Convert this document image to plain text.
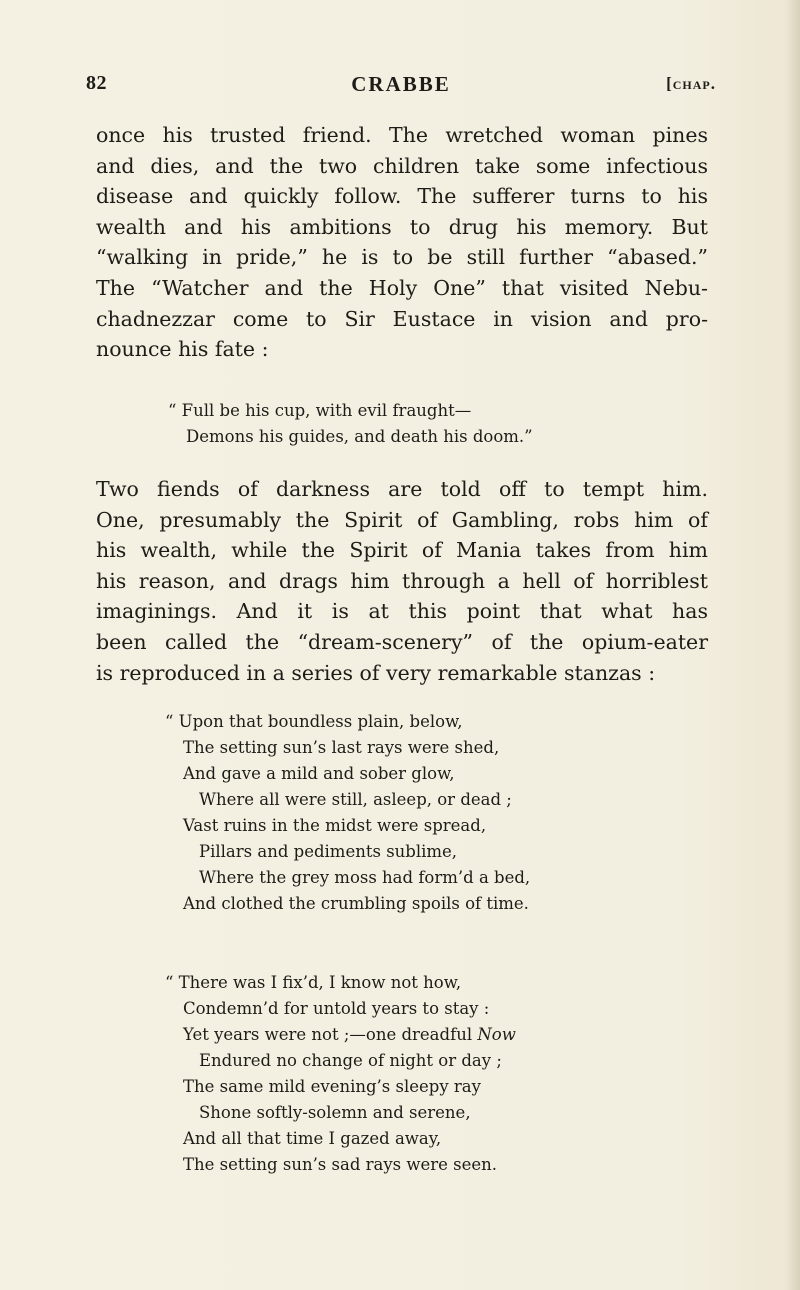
82	CRABBE	[chap.
once his trusted friend. The wretched woman pines
and dies, and the two children take some infectious
disease and quickly follow. The sufferer turns to his
wealth and his ambitions to drug his memory. But
“walking in pride,” he is to be still further “abased.”
The “Watcher and the Holy One” that visited Nebu-
chadnezzar come to Sir Eustace in vision and pro-
nounce his fate :
“ Full be his cup, with evil fraught—
Demons his guides, and death his doom.”
Two fiends of darkness are told off to tempt him.
One, presumably the Spirit of Gambling, robs him of
his wealth, while the Spirit of Mania takes from him
his reason, and drags him through a hell of horriblest
imaginings. And it is at this point that what has
been called the “dream-scenery” of the opium-eater
is reproduced in a series of very remarkable stanzas :
“ Upon that boundless plain, below,
The setting sun’s last rays were shed,
And gave a mild and sober glow,
Where all were still, asleep, or dead ;
Vast ruins in the midst were spread,
Pillars and pediments sublime,
Where the grey moss had form’d a bed,
And clothed the crumbling spoils of time.
“ There was I fix’d, I know not how,
Condemn’d for untold years to stay :
Yet years were not ;—one dreadful Now
Endured no change of night or day ;
The same mild evening’s sleepy ray
Shone softly-solemn and serene,
And all that time I gazed away,
The setting sun’s sad rays were seen.
